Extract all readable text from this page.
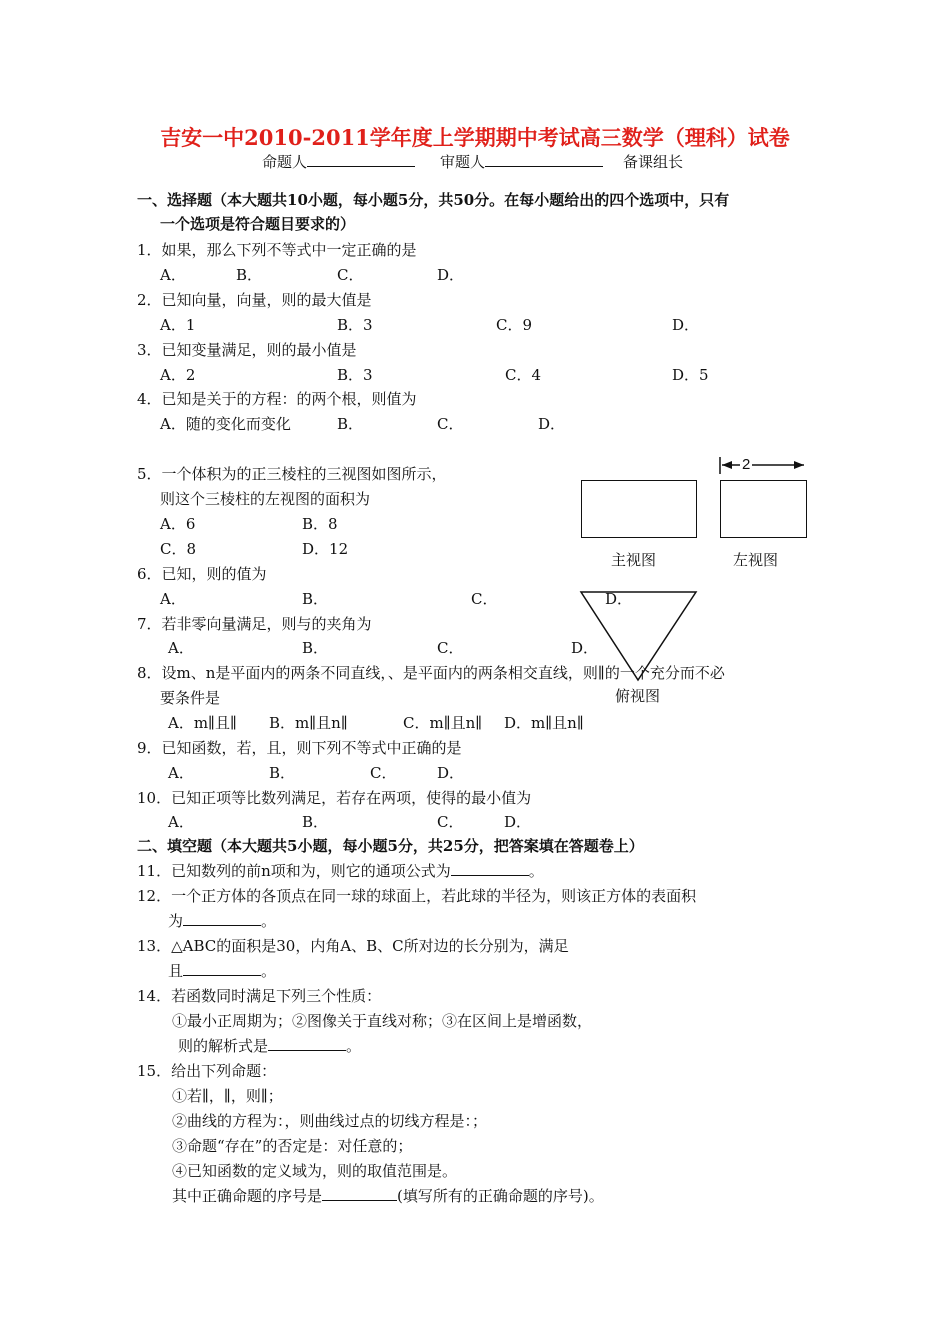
吉安一中2010-2011学年度上学期期中考试高三数学（理科）试卷
命题人	审题人	备课组长
一、选择题（本大题共10小题，每小题5分，共50分。在每小题给出的四个选项中，只有
一个选项是符合题目要求的）
1．如果，那么下列不等式中一定正确的是
A．	B．	C．	D．
2．已知向量，向量，则的最大值是
A．1	B．3	C．9	D．
3．已知变量满足，则的最小值是
A．2	B．3	C．4	D．5
4．已知是关于的方程：的两个根，则值为
A．随的变化而变化	B．	C．	D．
5．一个体积为的正三棱柱的三视图如图所示，
则这个三棱柱的左视图的面积为
A．6	B．8
C．8	D．12
2
主视图	左视图
俯视图
6．已知，则的值为
A．	B．	C．	D．
7．若非零向量满足，则与的夹角为
A．	B．	C．	D．
8．设m、n是平面内的两条不同直线，、是平面内的两条相交直线，则∥的一个充分而不必
要条件是
A．m∥且∥ B．m∥且n∥	C．m∥且n∥ D．m∥且n∥
9．已知函数，若，且，则下列不等式中正确的是
A．	B．	C．	D．
10．已知正项等比数列满足，若存在两项，使得的最小值为
A．	B．	C．	D．
二、填空题（本大题共5小题，每小题5分，共25分，把答案填在答题卷上）
11．已知数列的前n项和为，则它的通项公式为	。
12．一个正方体的各顶点在同一球的球面上，若此球的半径为，则该正方体的表面积
为	。
13．△ABC的面积是30，内角A、B、C所对边的长分别为，满足
且	。
14．若函数同时满足下列三个性质：
①最小正周期为；②图像关于直线对称；③在区间上是增函数，
则的解析式是	。
15．给出下列命题：
①若∥，∥，则∥；
②曲线的方程为：，则曲线过点的切线方程是：；
③命题“存在”的否定是：对任意的；
④已知函数的定义域为，则的取值范围是。
其中正确命题的序号是	(填写所有的正确命题的序号)。
